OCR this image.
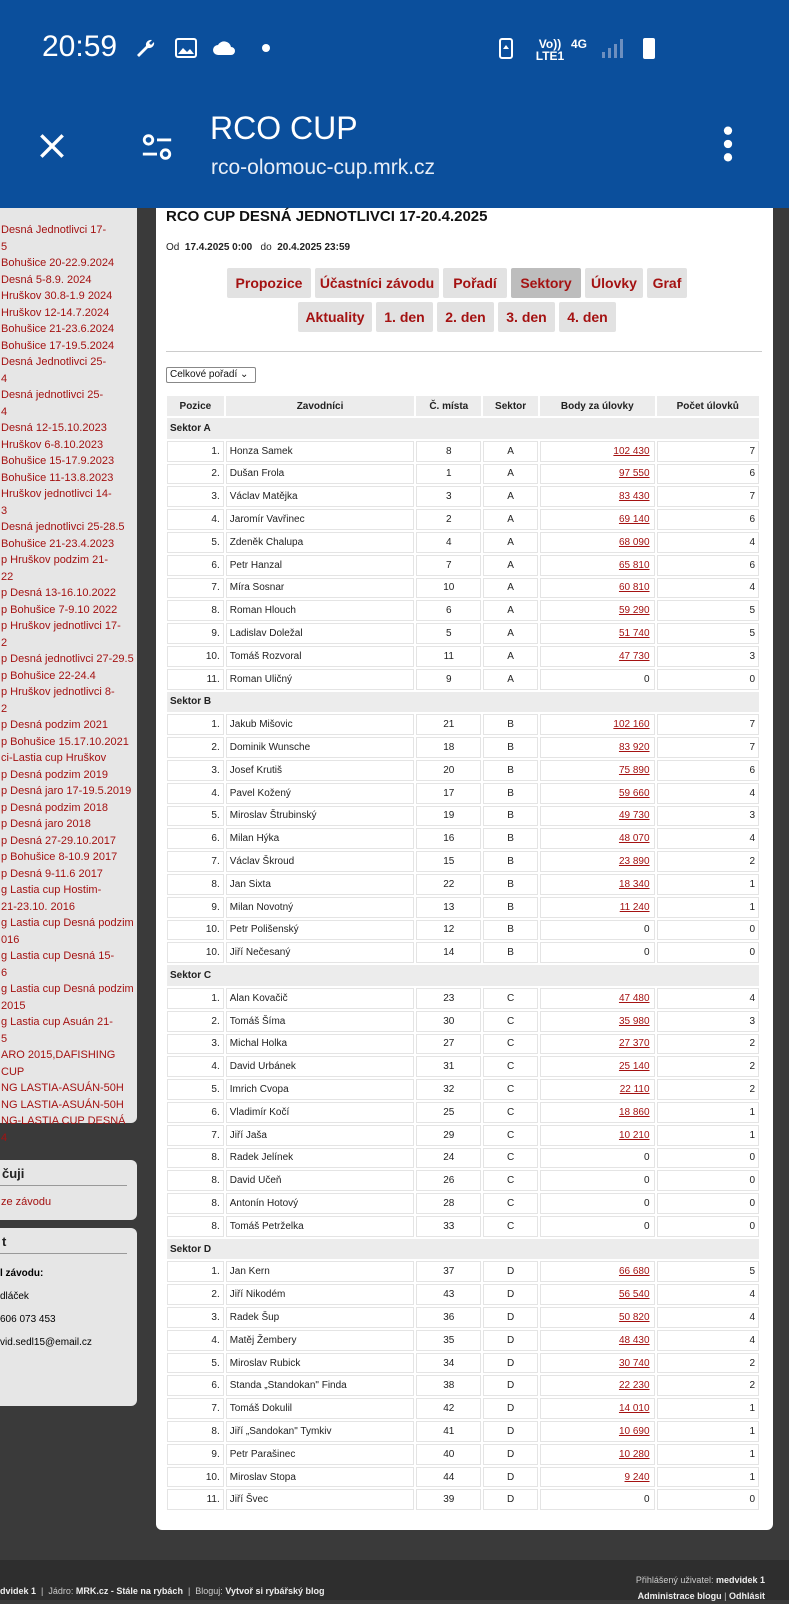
20:59	Vo)) LTE1
4G
RCO CUP
rco-olomouc-cup.mrk.cz
Desná Jednotlivci 17-
5
Bohušice 20-22.9.2024
Desná 5-8.9. 2024
Hruškov 30.8-1.9 2024
Hruškov 12-14.7.2024
Bohušice 21-23.6.2024
Bohušice 17-19.5.2024
Desná Jednotlivci 25-
4
Desná jednotlivci 25-
4
Desná 12-15.10.2023
Hruškov 6-8.10.2023
Bohušice 15-17.9.2023
Bohušice 11-13.8.2023
Hruškov jednotlivci 14-
3
Desná jednotlivci 25-28.5
Bohušice 21-23.4.2023
p Hruškov podzim 21-
22
p Desná 13-16.10.2022
p Bohušice 7-9.10 2022
p Hruškov jednotlivci 17-
2
p Desná jednotlivci 27-29.5
p Bohušice 22-24.4
p Hruškov jednotlivci 8-
2
p Desná podzim 2021
p Bohušice 15.17.10.2021
ci-Lastia cup Hruškov
p Desná podzim 2019
p Desná jaro 17-19.5.2019
p Desná podzim 2018
p Desná jaro 2018
p Desná 27-29.10.2017
p Bohušice 8-10.9 2017
p Desná 9-11.6 2017
g Lastia cup Hostim-
21-23.10. 2016
g Lastia cup Desná podzim
016
g Lastia cup Desná 15-
6
g Lastia cup Desná podzim
2015
g Lastia cup Asuán 21-
5
ARO 2015,DAFISHING
CUP
NG LASTIA-ASUÁN-50H
NG LASTIA-ASUÁN-50H
NG-LASTIA CUP DESNÁ
4
čuji
ze závodu
t
l závodu:
dláček
606 073 453
vid.sedl15@email.cz
RCO CUP DESNÁ JEDNOTLIVCI 17-20.4.2025
Od 17.4.2025 0:00 do 20.4.2025 23:59
Propozice	Účastníci závodu	Pořadí	Sektory	Úlovky	Graf
Aktuality	1. den	2. den	3. den	4. den
Celkové pořadí ⌄
Pozice	Zavodníci	Č. místa	Sektor	Body za úlovky	Počet úlovků
Sektor A					
1.	Honza Samek	8	A	102 430	7
2.	Dušan Frola	1	A	97 550	6
3.	Václav Matějka	3	A	83 430	7
4.	Jaromír Vavřinec	2	A	69 140	6
5.	Zdeněk Chalupa	4	A	68 090	4
6.	Petr Hanzal	7	A	65 810	6
7.	Míra Sosnar	10	A	60 810	4
8.	Roman Hlouch	6	A	59 290	5
9.	Ladislav Doležal	5	A	51 740	5
10.	Tomáš Rozvoral	11	A	47 730	3
11.	Roman Uličný	9	A	0	0
Sektor B					
1.	Jakub Mišovic	21	B	102 160	7
2.	Dominik Wunsche	18	B	83 920	7
3.	Josef Krutiš	20	B	75 890	6
4.	Pavel Kožený	17	B	59 660	4
5.	Miroslav Štrubinský	19	B	49 730	3
6.	Milan Hýka	16	B	48 070	4
7.	Václav Škroud	15	B	23 890	2
8.	Jan Sixta	22	B	18 340	1
9.	Milan Novotný	13	B	11 240	1
10.	Petr Polišenský	12	B	0	0
10.	Jiří Nečesaný	14	B	0	0
Sektor C					
1.	Alan Kovačič	23	C	47 480	4
2.	Tomáš Šíma	30	C	35 980	3
3.	Michal Holka	27	C	27 370	2
4.	David Urbánek	31	C	25 140	2
5.	Imrich Cvopa	32	C	22 110	2
6.	Vladimír Kočí	25	C	18 860	1
7.	Jiří Jaša	29	C	10 210	1
8.	Radek Jelínek	24	C	0	0
8.	David Učeň	26	C	0	0
8.	Antonín Hotový	28	C	0	0
8.	Tomáš Petrželka	33	C	0	0
Sektor D					
1.	Jan Kern	37	D	66 680	5
2.	Jiří Nikodém	43	D	56 540	4
3.	Radek Šup	36	D	50 820	4
4.	Matěj Žembery	35	D	48 430	4
5.	Miroslav Rubick	34	D	30 740	2
6.	Standa „Standokan" Finda	38	D	22 230	2
7.	Tomáš Dokulil	42	D	14 010	1
8.	Jiří „Sandokan" Tymkiv	41	D	10 690	1
9.	Petr Parašinec	40	D	10 280	1
10.	Miroslav Stopa	44	D	9 240	1
11.	Jiří Švec	39	D	0	0
dvidek 1  |  Jádro: MRK.cz - Stále na rybách  |  Bloguj: Vytvoř si rybářský blog
Přihlášený uživatel: medvidek 1
Administrace blogu | Odhlásit
